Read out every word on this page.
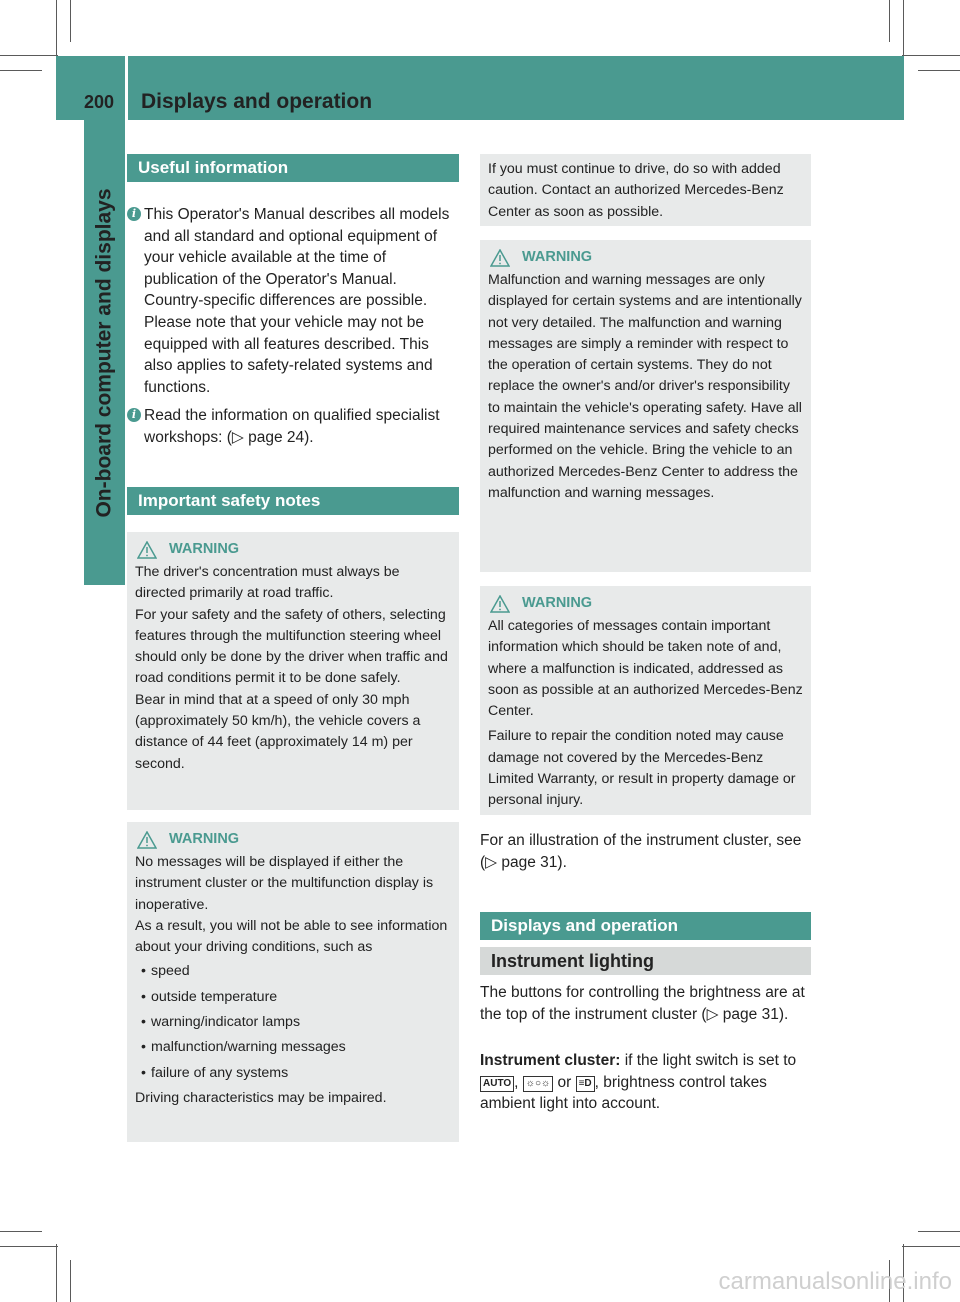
200 Displays and operation
On-board computer and displays
Useful information
i This Operator's Manual describes all models and all standard and optional equipment of your vehicle available at the time of publication of the Operator's Manual. Country-specific differences are possible. Please note that your vehicle may not be equipped with all features described. This also applies to safety-related systems and functions.
i Read the information on qualified specialist workshops: (▷ page 24).
Important safety notes
WARNING

The driver's concentration must always be directed primarily at road traffic.

For your safety and the safety of others, selecting features through the multifunction steering wheel should only be done by the driver when traffic and road conditions permit it to be done safely.

Bear in mind that at a speed of only 30 mph (approximately 50 km/h), the vehicle covers a distance of 44 feet (approximately 14 m) per second.

WARNING

No messages will be displayed if either the instrument cluster or the multifunction display is inoperative.

As a result, you will not be able to see information about your driving conditions, such as

• speed

• outside temperature

• warning/indicator lamps

• malfunction/warning messages

• failure of any systems

Driving characteristics may be impaired.

If you must continue to drive, do so with added caution. Contact an authorized Mercedes-Benz Center as soon as possible.

WARNING

Malfunction and warning messages are only displayed for certain systems and are intentionally not very detailed. The malfunction and warning messages are simply a reminder with respect to the operation of certain systems. They do not replace the owner's and/or driver's responsibility to maintain the vehicle's operating safety. Have all required maintenance services and safety checks performed on the vehicle. Bring the vehicle to an authorized Mercedes-Benz Center to address the malfunction and warning messages.

WARNING

All categories of messages contain important information which should be taken note of and, where a malfunction is indicated, addressed as soon as possible at an authorized Mercedes-Benz Center.

Failure to repair the condition noted may cause damage not covered by the Mercedes-Benz Limited Warranty, or result in property damage or personal injury.

For an illustration of the instrument cluster, see (▷ page 31).
Displays and operation
Instrument lighting
The buttons for controlling the brightness are at the top of the instrument cluster (▷ page 31).
Instrument cluster: if the light switch is set to AUTO , ☼○☼ or ≡D , brightness control takes ambient light into account.
carmanualsonline.info
